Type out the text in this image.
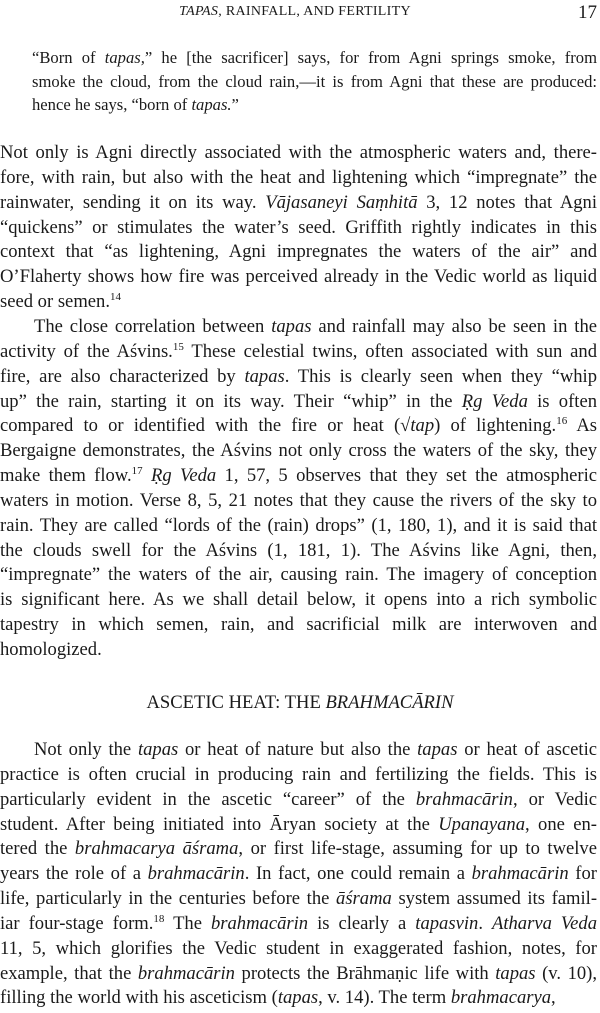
TAPAS, RAINFALL, AND FERTILITY	17
“Born of tapas,” he [the sacrificer] says, for from Agni springs smoke, from
smoke the cloud, from the cloud rain,—it is from Agni that these are produced:
hence he says, “born of tapas.”
Not only is Agni directly associated with the atmospheric waters and, there-
fore, with rain, but also with the heat and lightening which “impregnate” the
rainwater, sending it on its way. Vājasaneyi Saṃhitā 3, 12 notes that Agni
“quickens” or stimulates the water’s seed. Griffith rightly indicates in this
context that “as lightening, Agni impregnates the waters of the air” and
O’Flaherty shows how fire was perceived already in the Vedic world as liquid
seed or semen.$^{14}$
The close correlation between tapas and rainfall may also be seen in the
activity of the Aśvins.$^{15}$ These celestial twins, often associated with sun and
fire, are also characterized by tapas. This is clearly seen when they “whip
up” the rain, starting it on its way. Their “whip” in the Ṛg Veda is often
compared to or identified with the fire or heat (√tap) of lightening.$^{16}$ As
Bergaigne demonstrates, the Aśvins not only cross the waters of the sky, they
make them flow.$^{17}$ Ṛg Veda 1, 57, 5 observes that they set the atmospheric
waters in motion. Verse 8, 5, 21 notes that they cause the rivers of the sky to
rain. They are called “lords of the (rain) drops” (1, 180, 1), and it is said that
the clouds swell for the Aśvins (1, 181, 1). The Aśvins like Agni, then,
“impregnate” the waters of the air, causing rain. The imagery of conception
is significant here. As we shall detail below, it opens into a rich symbolic
tapestry in which semen, rain, and sacrificial milk are interwoven and
homologized.
ASCETIC HEAT: THE BRAHMACĀRIN
Not only the tapas or heat of nature but also the tapas or heat of ascetic
practice is often crucial in producing rain and fertilizing the fields. This is
particularly evident in the ascetic “career” of the brahmacārin, or Vedic
student. After being initiated into Āryan society at the Upanayana, one en-
tered the brahmacarya āśrama, or first life-stage, assuming for up to twelve
years the role of a brahmacārin. In fact, one could remain a brahmacārin for
life, particularly in the centuries before the āśrama system assumed its famil-
iar four-stage form.$^{18}$ The brahmacārin is clearly a tapasvin. Atharva Veda
11, 5, which glorifies the Vedic student in exaggerated fashion, notes, for
example, that the brahmacārin protects the Brāhmaṇic life with tapas (v. 10),
filling the world with his asceticism (tapas, v. 14). The term brahmacarya,
